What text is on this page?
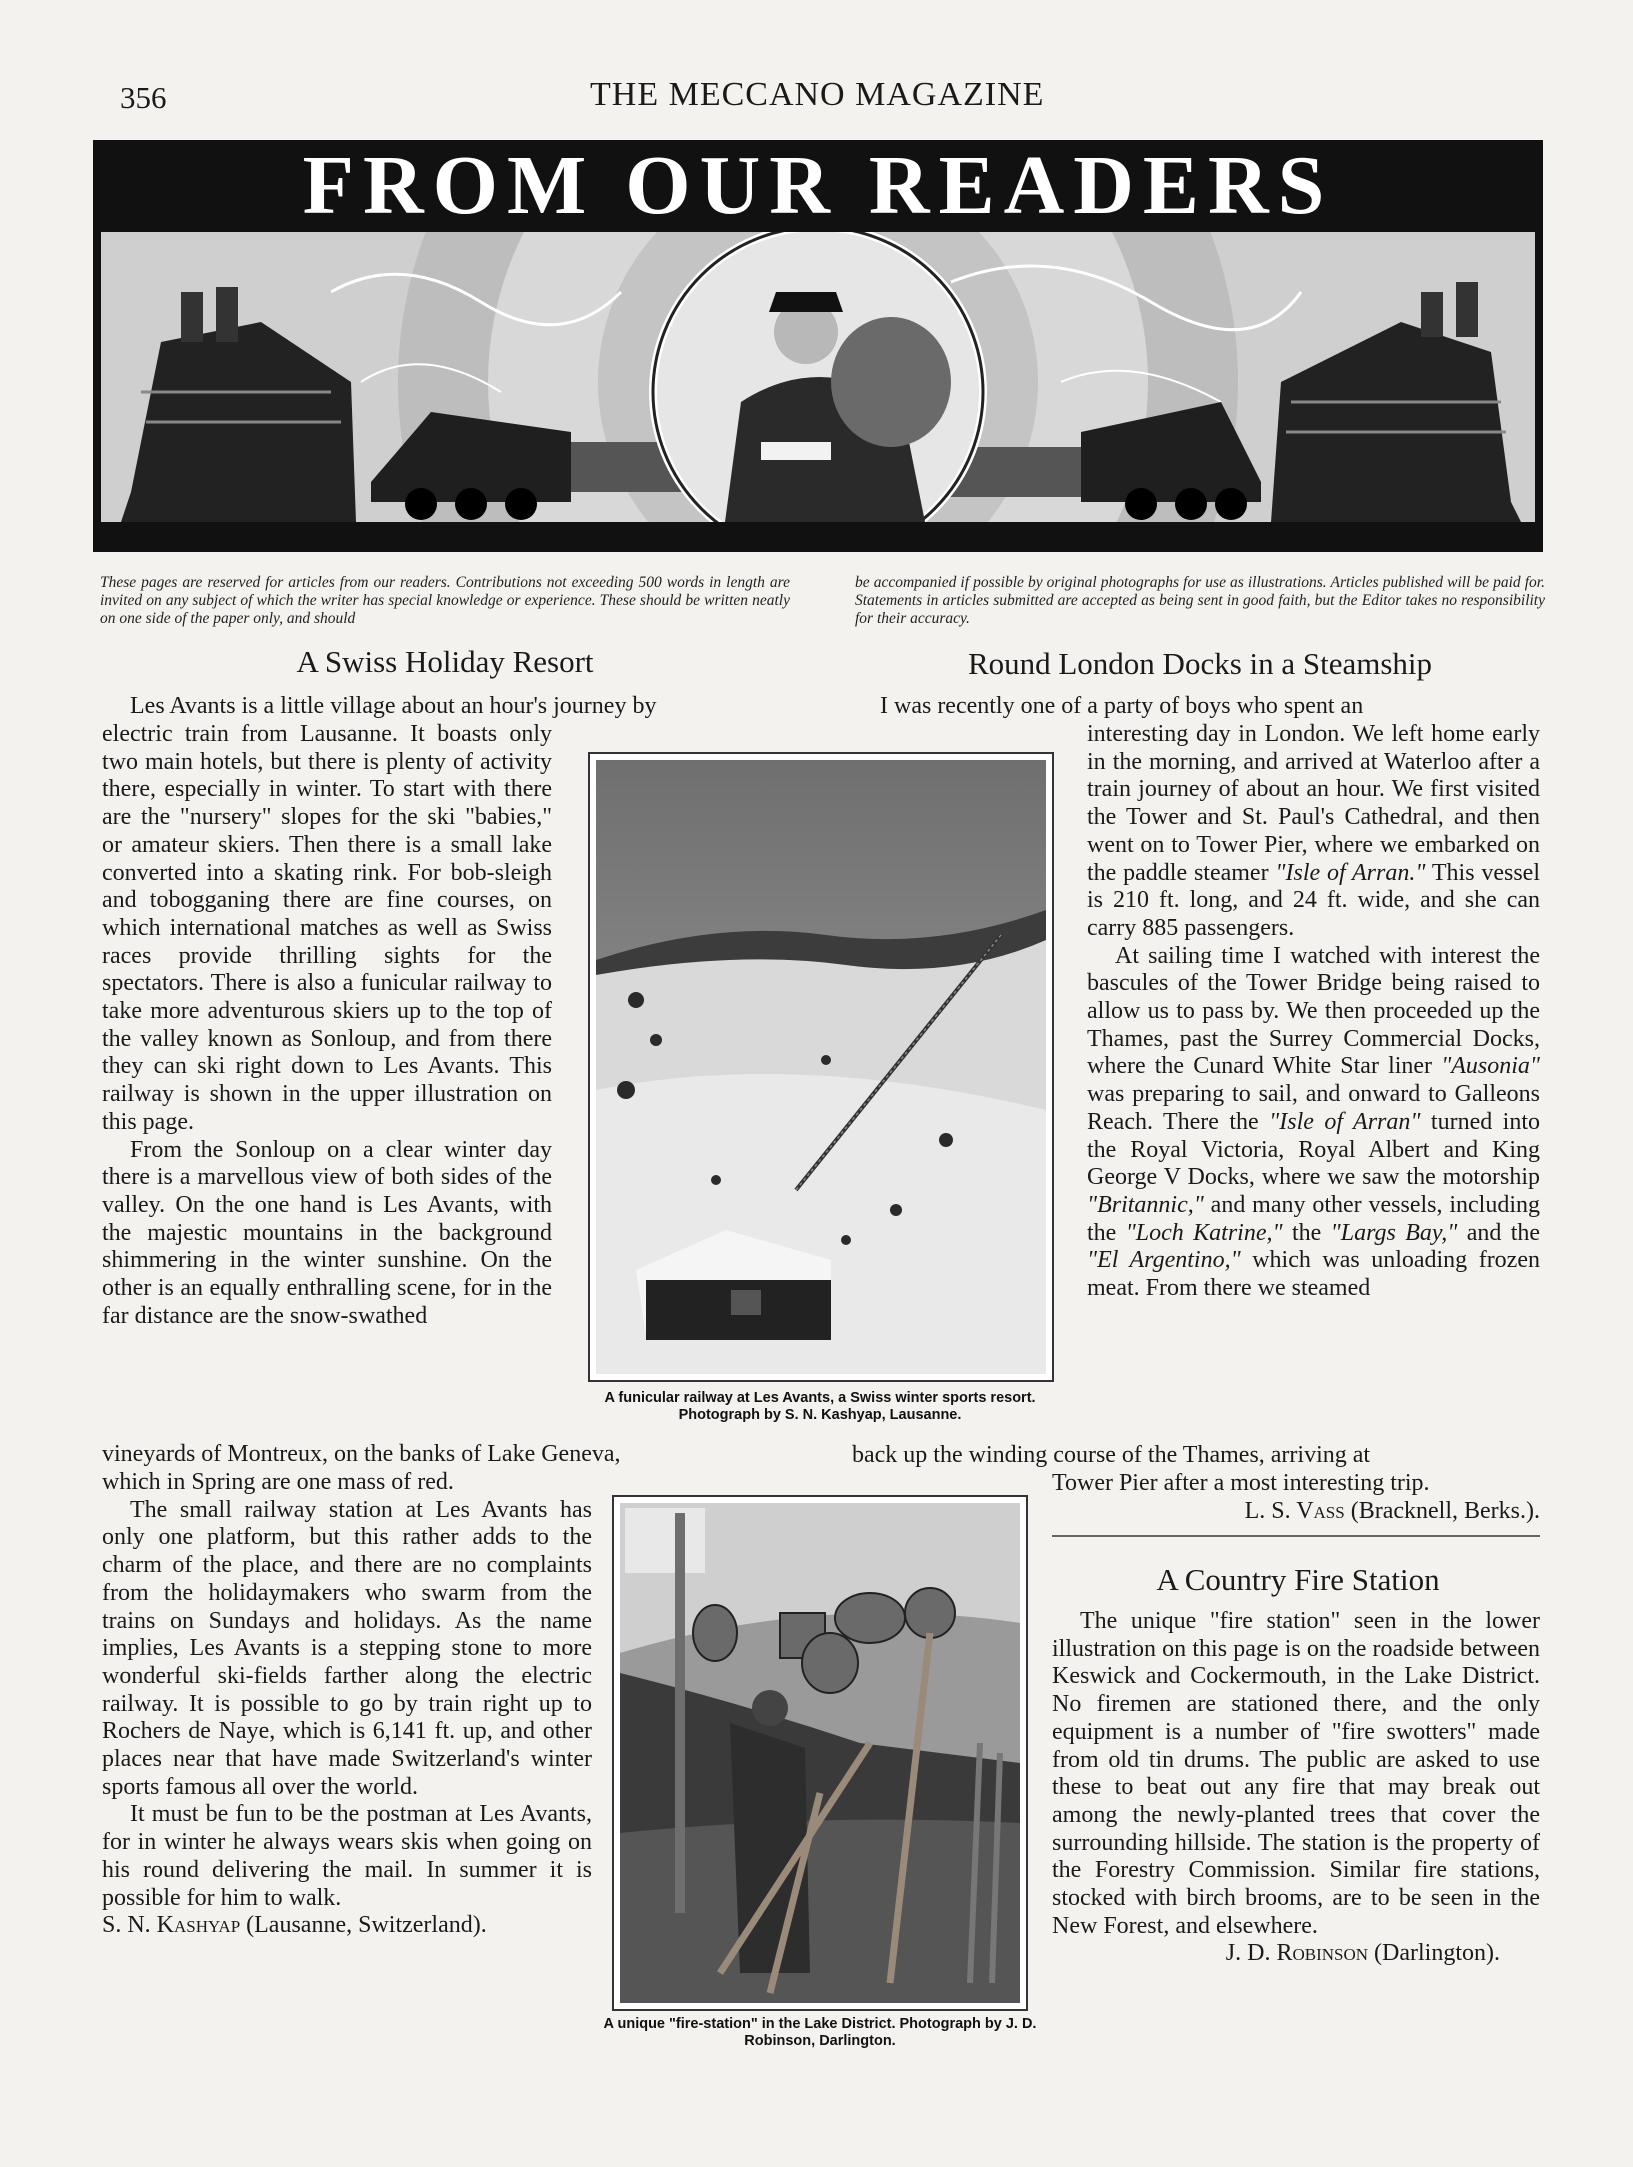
356	THE MECCANO MAGAZINE
FROM OUR READERS
These pages are reserved for articles from our readers. Contributions not exceeding 500 words in length are invited on any subject of which the writer has special knowledge or experience. These should be written neatly on one side of the paper only, and should
be accompanied if possible by original photographs for use as illustrations. Articles published will be paid for. Statements in articles submitted are accepted as being sent in good faith, but the Editor takes no responsibility for their accuracy.
A Swiss Holiday Resort	Round London Docks in a Steamship
Les Avants is a little village about an hour's journey by

electric train from Lausanne. It boasts only two main hotels, but there is plenty of activity there, especially in winter. To start with there are the "nursery" slopes for the ski "babies," or amateur skiers. Then there is a small lake converted into a skating rink. For bob-sleigh and tobogganing there are fine courses, on which international matches as well as Swiss races provide thrilling sights for the spectators. There is also a funicular railway to take more adventurous skiers up to the top of the valley known as Sonloup, and from there they can ski right down to Les Avants. This railway is shown in the upper illustration on this page.

From the Sonloup on a clear winter day there is a marvellous view of both sides of the valley. On the one hand is Les Avants, with the majestic mountains in the background shimmering in the winter sunshine. On the other is an equally enthralling scene, for in the far distance are the snow-swathed

vineyards of Montreux, on the banks of Lake Geneva,

which in Spring are one mass of red.

The small railway station at Les Avants has only one platform, but this rather adds to the charm of the place, and there are no complaints from the holidaymakers who swarm from the trains on Sundays and holidays. As the name implies, Les Avants is a stepping stone to more wonderful ski-fields farther along the electric railway. It is possible to go by train right up to Rochers de Naye, which is 6,141 ft. up, and other places near that have made Switzerland's winter sports famous all over the world.

It must be fun to be the postman at Les Avants, for in winter he always wears skis when going on his round delivering the mail. In summer it is possible for him to walk.

S. N. Kashyap (Lausanne, Switzerland).

A funicular railway at Les Avants, a Swiss winter sports resort. Photograph by S. N. Kashyap, Lausanne.
A unique "fire-station" in the Lake District. Photograph by J. D. Robinson, Darlington.
I was recently one of a party of boys who spent an

interesting day in London. We left home early in the morning, and arrived at Waterloo after a train journey of about an hour. We first visited the Tower and St. Paul's Cathedral, and then went on to Tower Pier, where we embarked on the paddle steamer "Isle of Arran." This vessel is 210 ft. long, and 24 ft. wide, and she can carry 885 passengers.

At sailing time I watched with interest the bascules of the Tower Bridge being raised to allow us to pass by. We then proceeded up the Thames, past the Surrey Commercial Docks, where the Cunard White Star liner "Ausonia" was preparing to sail, and onward to Galleons Reach. There the "Isle of Arran" turned into the Royal Victoria, Royal Albert and King George V Docks, where we saw the motorship "Britannic," and many other vessels, including the "Loch Katrine," the "Largs Bay," and the "El Argentino," which was unloading frozen meat. From there we steamed

back up the winding course of the Thames, arriving at

Tower Pier after a most interesting trip.

L. S. Vass (Bracknell, Berks.).

A Country Fire Station

The unique "fire station" seen in the lower illustration on this page is on the roadside between Keswick and Cockermouth, in the Lake District. No firemen are stationed there, and the only equipment is a number of "fire swotters" made from old tin drums. The public are asked to use these to beat out any fire that may break out among the newly-planted trees that cover the surrounding hillside. The station is the property of the Forestry Commission. Similar fire stations, stocked with birch brooms, are to be seen in the New Forest, and elsewhere.

J. D. Robinson (Darlington).
